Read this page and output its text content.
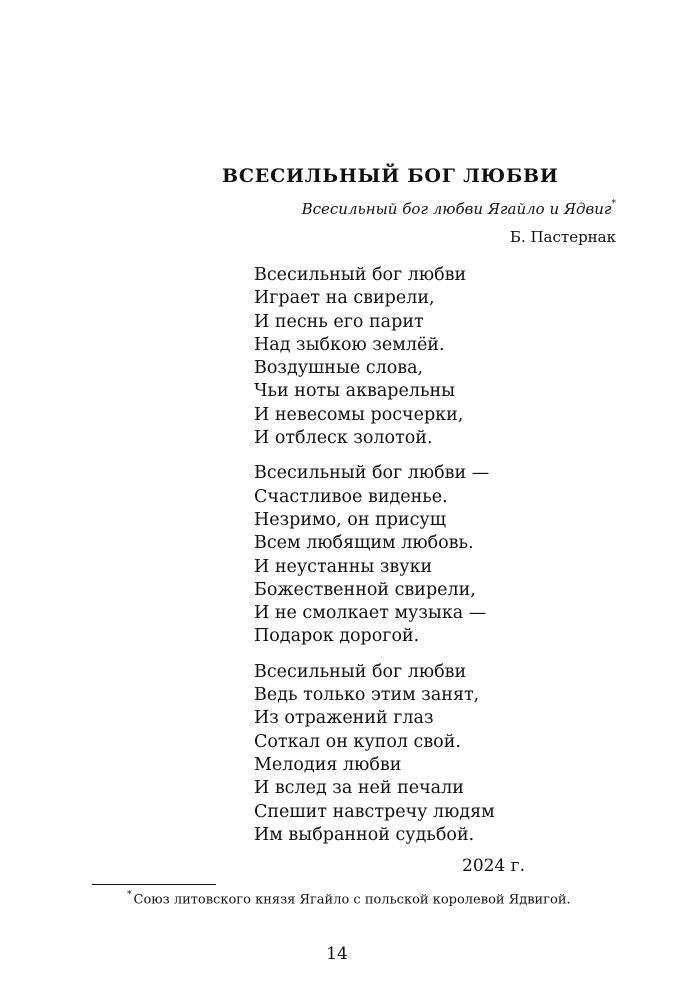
ВСЕСИЛЬНЫЙ БОГ ЛЮБВИ
Всесильный бог любви Ягайло и Ядвиг*
Б. Пастернак
Всесильный бог любви
Играет на свирели,
И песнь его парит
Над зыбкою землёй.
Воздушные слова,
Чьи ноты акварельны
И невесомы росчерки,
И отблеск золотой.
Всесильный бог любви —
Счастливое виденье.
Незримо, он присущ
Всем любящим любовь.
И неустанны звуки
Божественной свирели,
И не смолкает музыка —
Подарок дорогой.
Всесильный бог любви
Ведь только этим занят,
Из отражений глаз
Соткал он купол свой.
Мелодия любви
И вслед за ней печали
Спешит навстречу людям
Им выбранной судьбой.
2024 г.
* Союз литовского князя Ягайло с польской королевой Ядвигой.
14
